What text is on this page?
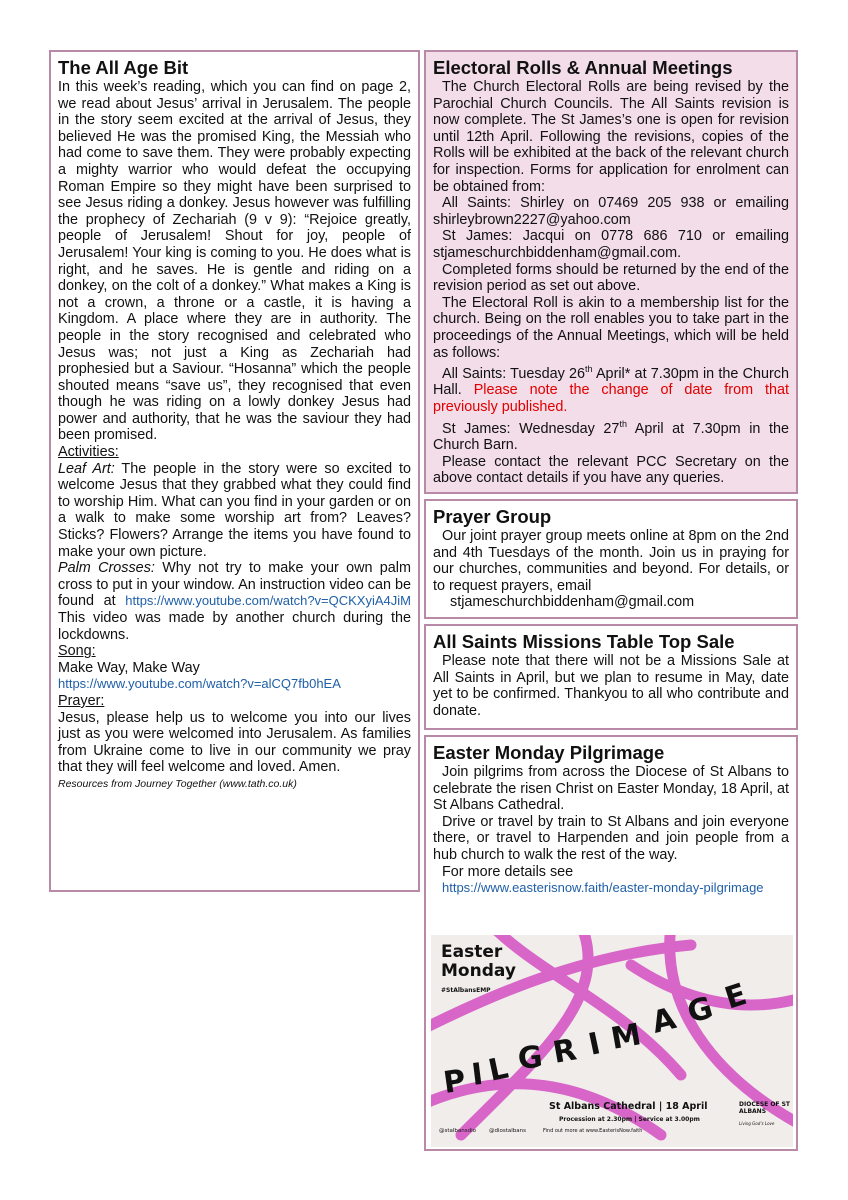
The All Age Bit

In this week’s reading, which you can find on page 2, we read about Jesus’ arrival in Jerusalem. The people in the story seem excited at the arrival of Jesus, they believed He was the promised King, the Messiah who had come to save them. They were probably expecting a mighty warrior who would defeat the occupying Roman Empire so they might have been surprised to see Jesus riding a donkey. Jesus however was fulfilling the prophecy of Zechariah (9 v 9): “Rejoice greatly, people of Jerusalem! Shout for joy, people of Jerusalem! Your king is coming to you. He does what is right, and he saves. He is gentle and riding on a donkey, on the colt of a donkey.” What makes a King is not a crown, a throne or a castle, it is having a Kingdom. A place where they are in authority. The people in the story recognised and celebrated who Jesus was; not just a King as Zechariah had prophesied but a Saviour. “Hosanna” which the people shouted means “save us”, they recognised that even though he was riding on a lowly donkey Jesus had power and authority, that he was the saviour they had been promised.

Activities:

Leaf Art: The people in the story were so excited to welcome Jesus that they grabbed what they could find to worship Him. What can you find in your garden or on a walk to make some worship art from? Leaves? Sticks? Flowers? Arrange the items you have found to make your own picture.

Palm Crosses: Why not try to make your own palm cross to put in your window. An instruction video can be found at https://www.youtube.com/watch?v=QCKXyiA4JiM This video was made by another church during the lockdowns.

Song:

Make Way, Make Way

https://www.youtube.com/watch?v=alCQ7fb0hEA

Prayer:

Jesus, please help us to welcome you into our lives just as you were welcomed into Jerusalem. As families from Ukraine come to live in our community we pray that they will feel welcome and loved. Amen.

Resources from Journey Together (www.tath.co.uk)

Electoral Rolls & Annual Meetings

The Church Electoral Rolls are being revised by the Parochial Church Councils. The All Saints revision is now complete. The St James’s one is open for revision until 12th April. Following the revisions, copies of the Rolls will be exhibited at the back of the relevant church for inspection. Forms for application for enrolment can be obtained from:

All Saints: Shirley on 07469 205 938 or emailing shirleybrown2227@yahoo.com

St James: Jacqui on 0778 686 710 or emailing stjameschurchbiddenham@gmail.com.

Completed forms should be returned by the end of the revision period as set out above.

The Electoral Roll is akin to a membership list for the church. Being on the roll enables you to take part in the proceedings of the Annual Meetings, which will be held as follows:

All Saints: Tuesday 26th April* at 7.30pm in the Church Hall. Please note the change of date from that previously published.

St James: Wednesday 27th April at 7.30pm in the Church Barn.

Please contact the relevant PCC Secretary on the above contact details if you have any queries.

Prayer Group

Our joint prayer group meets online at 8pm on the 2nd and 4th Tuesdays of the month. Join us in praying for our churches, communities and beyond. For details, or to request prayers, email

stjameschurchbiddenham@gmail.com

All Saints Missions Table Top Sale

Please note that there will not be a Missions Sale at All Saints in April, but we plan to resume in May, date yet to be confirmed. Thankyou to all who contribute and donate.

Easter Monday Pilgrimage

Join pilgrims from across the Diocese of St Albans to celebrate the risen Christ on Easter Monday, 18 April, at St Albans Cathedral.

Drive or travel by train to St Albans and join everyone there, or travel to Harpenden and join people from a hub church to walk the rest of the way.

For more details see

https://www.easterisnow.faith/easter-monday-pilgrimage

P I L G R I M A G E
Easter Monday
#StAlbansEMP
St Albans Cathedral | 18 April
Procession at 2.30pm | Service at 3.00pm
Find out more at www.EasterisNow.faith
@stalbansdio @diostalbans
DIOCESE OF ST ALBANS
Living God’s Love
